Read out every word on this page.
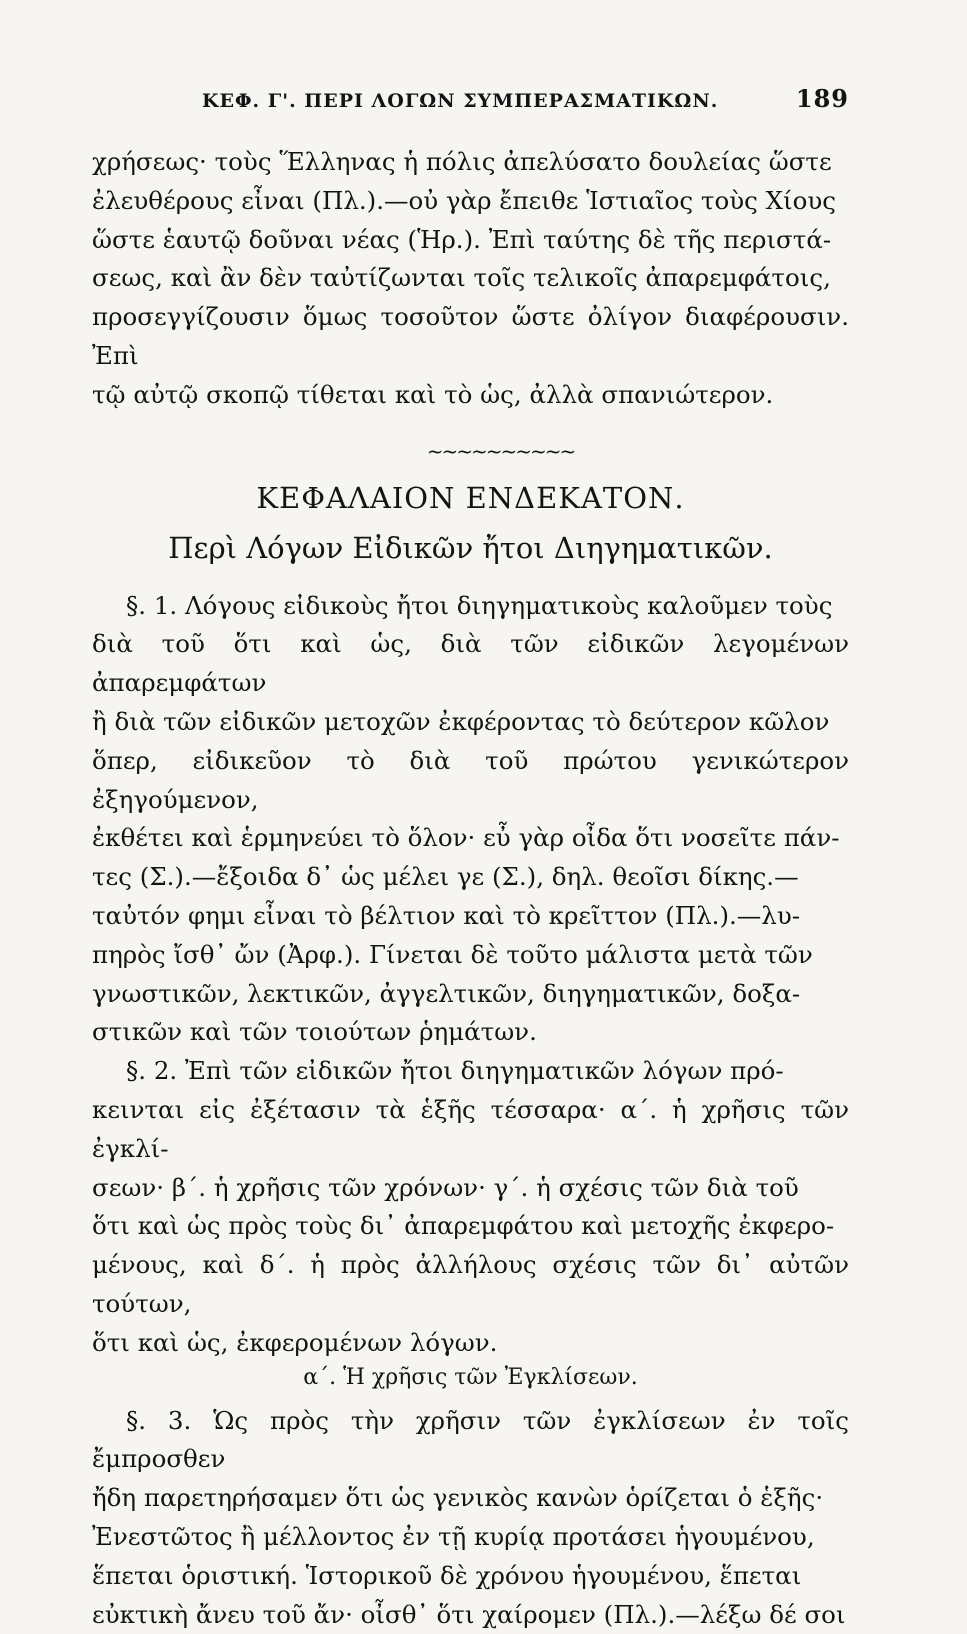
ΚΕΦ. Γ'. ΠΕΡΙ ΛΟΓΩΝ ΣΥΜΠΕΡΑΣΜΑΤΙΚΩΝ.	189

χρήσεως· τοὺς Ἕλληνας ἡ πόλις ἀπελύσατο δουλείας ὥστε
ἐλευθέρους εἶναι (Πλ.).—οὐ γὰρ ἔπειθε Ἱστιαῖος τοὺς Χίους
ὥστε ἑαυτῷ δοῦναι νέας (Ἡρ.). Ἐπὶ ταύτης δὲ τῆς περιστά-
σεως, καὶ ἂν δὲν ταὐτίζωνται τοῖς τελικοῖς ἀπαρεμφάτοις,
προσεγγίζουσιν ὅμως τοσοῦτον ὥστε ὀλίγον διαφέρουσιν. Ἐπὶ
τῷ αὐτῷ σκοπῷ τίθεται καὶ τὸ ὡς, ἀλλὰ σπανιώτερον.

~~~~~~~~~~
ΚΕΦΑΛΑΙΟΝ ΕΝΔΕΚΑΤΟΝ.
Περὶ Λόγων Εἰδικῶν ἤτοι Διηγηματικῶν.

§. 1. Λόγους εἰδικοὺς ἤτοι διηγηματικοὺς καλοῦμεν τοὺς
διὰ τοῦ ὅτι καὶ ὡς, διὰ τῶν εἰδικῶν λεγομένων ἀπαρεμφάτων
ἢ διὰ τῶν εἰδικῶν μετοχῶν ἐκφέροντας τὸ δεύτερον κῶλον
ὅπερ, εἰδικεῦον τὸ διὰ τοῦ πρώτου γενικώτερον ἐξηγούμενον,
ἐκθέτει καὶ ἑρμηνεύει τὸ ὅλον· εὖ γὰρ οἶδα ὅτι νοσεῖτε πάν-
τες (Σ.).—ἔξοιδα δ᾽ ὡς μέλει γε (Σ.), δηλ. θεοῖσι δίκης.—
ταὐτόν φημι εἶναι τὸ βέλτιον καὶ τὸ κρεῖττον (Πλ.).—λυ-
πηρὸς ἴσθ᾽ ὤν (Ἀρφ.). Γίνεται δὲ τοῦτο μάλιστα μετὰ τῶν
γνωστικῶν, λεκτικῶν, ἀγγελτικῶν, διηγηματικῶν, δοξα-
στικῶν καὶ τῶν τοιούτων ῥημάτων.

§. 2. Ἐπὶ τῶν εἰδικῶν ἤτοι διηγηματικῶν λόγων πρό-
κεινται εἰς ἐξέτασιν τὰ ἑξῆς τέσσαρα· α΄. ἡ χρῆσις τῶν ἐγκλί-
σεων· β΄. ἡ χρῆσις τῶν χρόνων· γ΄. ἡ σχέσις τῶν διὰ τοῦ
ὅτι καὶ ὡς πρὸς τοὺς δι᾽ ἀπαρεμφάτου καὶ μετοχῆς ἐκφερο-
μένους, καὶ δ΄. ἡ πρὸς ἀλλήλους σχέσις τῶν δι᾽ αὐτῶν τούτων,
ὅτι καὶ ὡς, ἐκφερομένων λόγων.

α΄. Ἡ χρῆσις τῶν Ἐγκλίσεων.

§. 3. Ὡς πρὸς τὴν χρῆσιν τῶν ἐγκλίσεων ἐν τοῖς ἔμπροσθεν
ἤδη παρετηρήσαμεν ὅτι ὡς γενικὸς κανὼν ὁρίζεται ὁ ἑξῆς·
Ἐνεστῶτος ἢ μέλλοντος ἐν τῇ κυρίᾳ προτάσει ἡγουμένου,
ἕπεται ὁριστική. Ἱστορικοῦ δὲ χρόνου ἡγουμένου, ἕπεται
εὐκτικὴ ἄνευ τοῦ ἄν· οἶσθ᾽ ὅτι χαίρομεν (Πλ.).—λέξω δέ σοι
